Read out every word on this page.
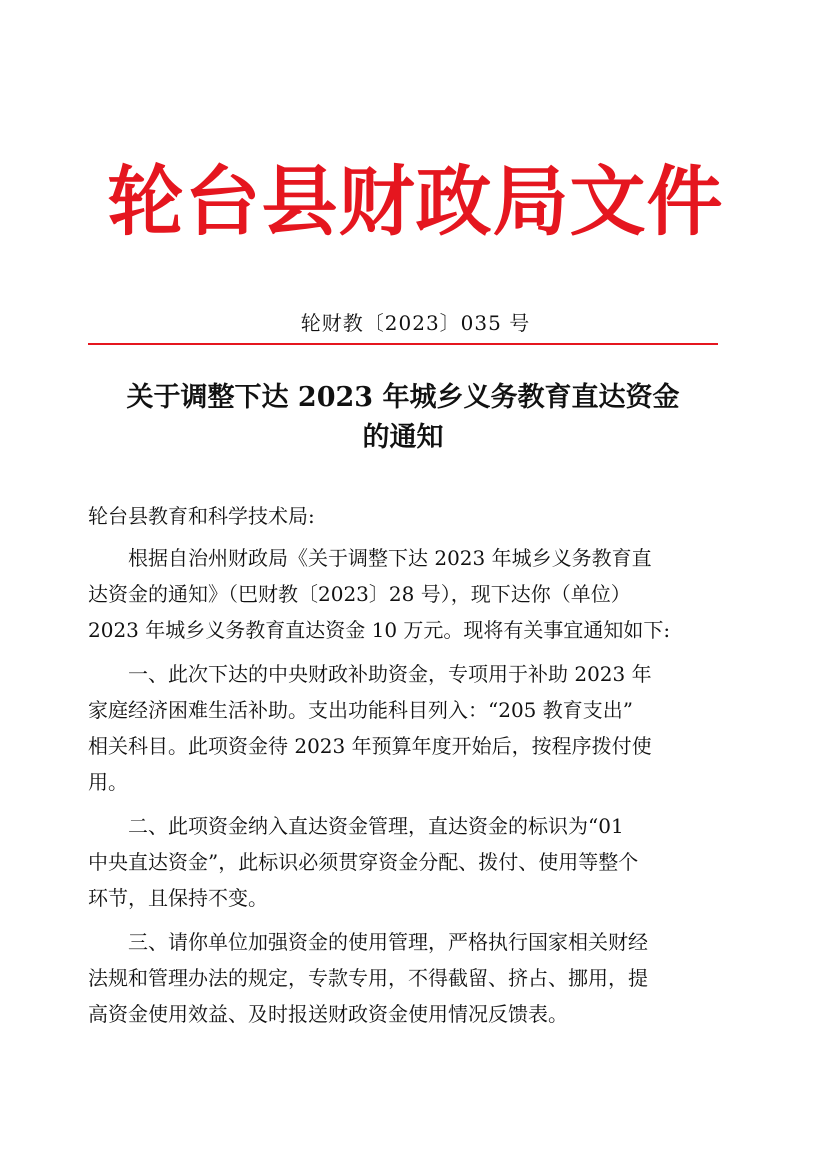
轮台县财政局文件
轮财教〔2023〕035 号
关于调整下达 2023 年城乡义务教育直达资金
的通知
轮台县教育和科学技术局:
根据自治州财政局《关于调整下达 2023 年城乡义务教育直
达资金的通知》（巴财教〔2023〕28 号），现下达你（单位）
2023 年城乡义务教育直达资金 10 万元。现将有关事宜通知如下:
一、此次下达的中央财政补助资金，专项用于补助 2023 年
家庭经济困难生活补助。支出功能科目列入：“205 教育支出”
相关科目。此项资金待 2023 年预算年度开始后，按程序拨付使
用。
二、此项资金纳入直达资金管理，直达资金的标识为“01
中央直达资金”，此标识必须贯穿资金分配、拨付、使用等整个
环节，且保持不变。
三、请你单位加强资金的使用管理，严格执行国家相关财经
法规和管理办法的规定，专款专用，不得截留、挤占、挪用，提
高资金使用效益、及时报送财政资金使用情况反馈表。
